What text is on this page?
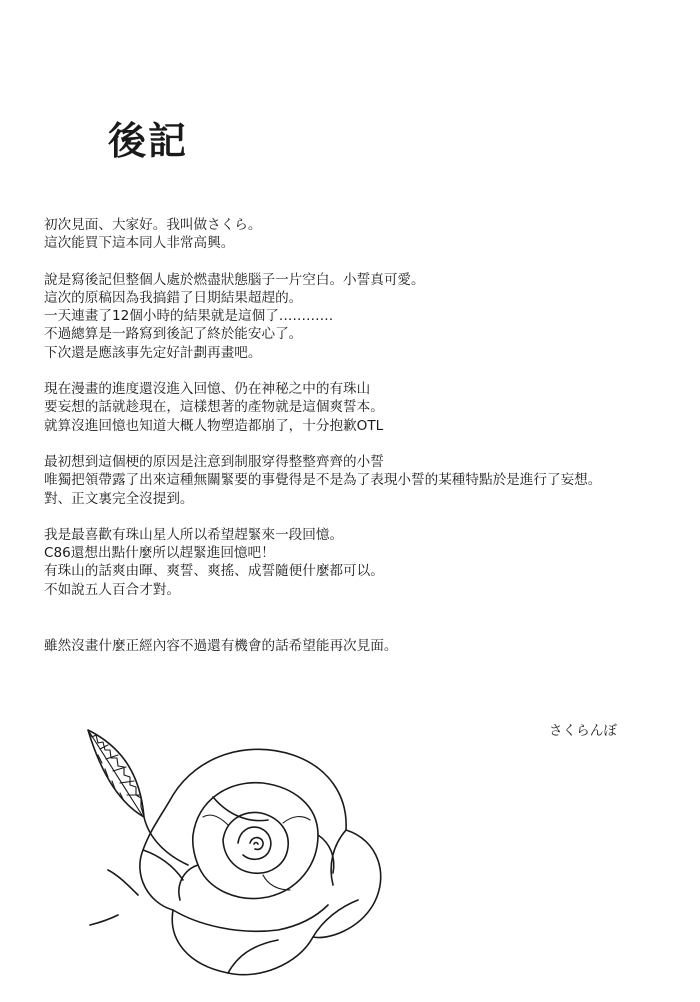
後記

初次見面、大家好。我叫做さくら。
這次能買下這本同人非常高興。

說是寫後記但整個人處於燃盡狀態腦子一片空白。小誓真可愛。
這次的原稿因為我搞錯了日期結果超趕的。
一天連畫了12個小時的結果就是這個了…………
不過總算是一路寫到後記了終於能安心了。
下次還是應該事先定好計劃再畫吧。

現在漫畫的進度還沒進入回憶、仍在神秘之中的有珠山
要妄想的話就趁現在，這樣想著的產物就是這個爽誓本。
就算沒進回憶也知道大概人物塑造都崩了，十分抱歉OTL

最初想到這個梗的原因是注意到制服穿得整整齊齊的小誓
唯獨把領帶露了出來這種無關緊要的事覺得是不是為了表現小誓的某種特點於是進行了妄想。
對、正文裏完全沒提到。

我是最喜歡有珠山星人所以希望趕緊來一段回憶。
C86還想出點什麼所以趕緊進回憶吧！
有珠山的話爽由暉、爽誓、爽搖、成誓隨便什麼都可以。
不如說五人百合才對。

雖然沒畫什麼正經內容不過還有機會的話希望能再次見面。

さくらんぼ
